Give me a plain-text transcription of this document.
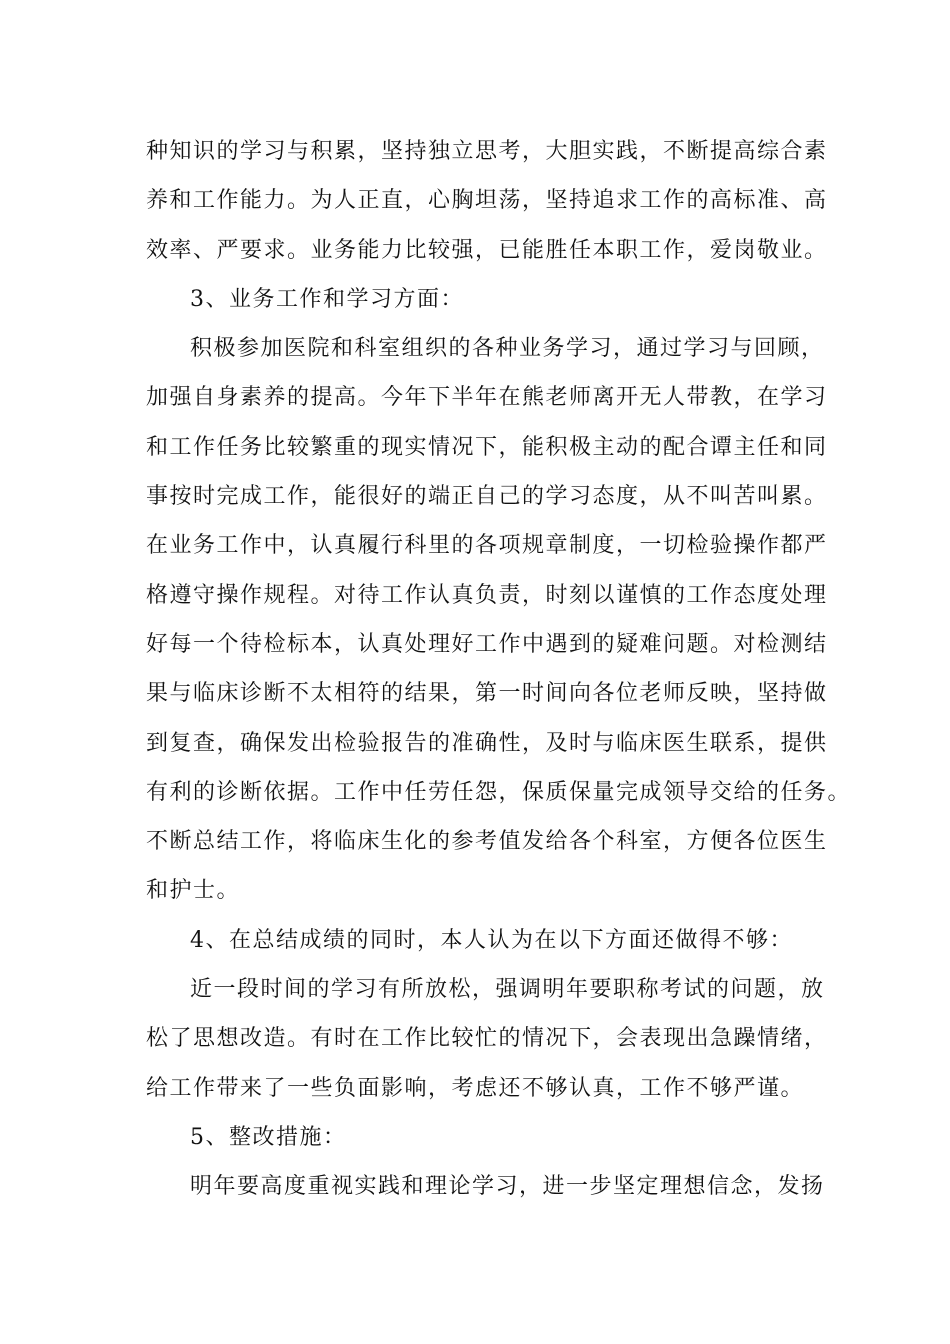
种知识的学习与积累，坚持独立思考，大胆实践，不断提高综合素
养和工作能力。为人正直，心胸坦荡，坚持追求工作的高标准、高
效率、严要求。业务能力比较强，已能胜任本职工作，爱岗敬业。
3、业务工作和学习方面：
积极参加医院和科室组织的各种业务学习，通过学习与回顾，
加强自身素养的提高。今年下半年在熊老师离开无人带教，在学习
和工作任务比较繁重的现实情况下，能积极主动的配合谭主任和同
事按时完成工作，能很好的端正自己的学习态度，从不叫苦叫累。
在业务工作中，认真履行科里的各项规章制度，一切检验操作都严
格遵守操作规程。对待工作认真负责，时刻以谨慎的工作态度处理
好每一个待检标本，认真处理好工作中遇到的疑难问题。对检测结
果与临床诊断不太相符的结果，第一时间向各位老师反映，坚持做
到复查，确保发出检验报告的准确性，及时与临床医生联系，提供
有利的诊断依据。工作中任劳任怨，保质保量完成领导交给的任务。
不断总结工作，将临床生化的参考值发给各个科室，方便各位医生
和护士。
4、在总结成绩的同时，本人认为在以下方面还做得不够：
近一段时间的学习有所放松，强调明年要职称考试的问题，放
松了思想改造。有时在工作比较忙的情况下，会表现出急躁情绪，
给工作带来了一些负面影响，考虑还不够认真，工作不够严谨。
5、整改措施：
明年要高度重视实践和理论学习，进一步坚定理想信念，发扬
